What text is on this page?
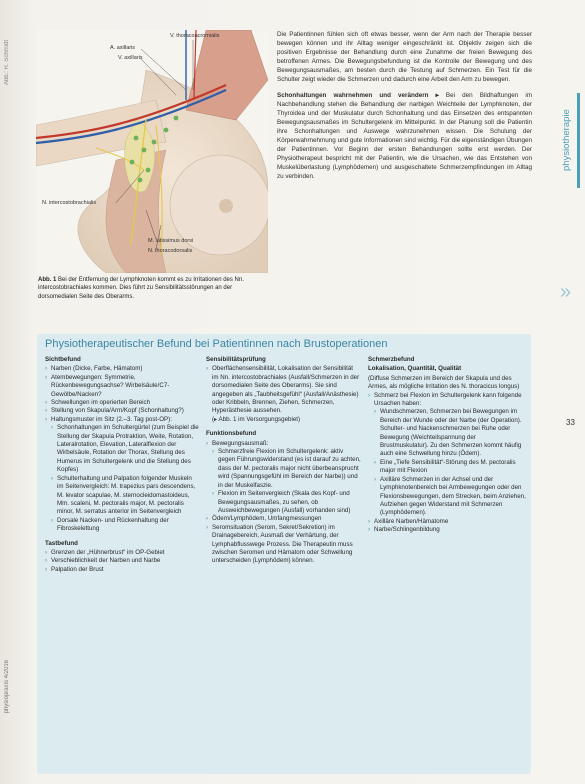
Abb.: R. Schmidt
V. thoracoacromialis
A. axillaris
V. axillaris
N. intercostobrachialis
M. latissimus dorsi
N. thoracodorsalis
Abb. 1 Bei der Entfernung der Lymphknoten kommt es zu Irritationen des Nn. intercostobrachiales kommen. Dies führt zu Sensibilitätsstörungen an der dorsomedialen Seite des Oberarms.

Die Patientinnen fühlen sich oft etwas besser, wenn der Arm nach der Therapie besser bewegen können und ihr Alltag weniger eingeschränkt ist. Objektiv zeigen sich die positiven Ergebnisse der Behandlung durch eine Zunahme der freien Bewegung des betroffenen Armes. Die Bewegungsbefundung ist die Kontrolle der Bewegung und des Bewegungsausmaßes, am besten durch die Testung auf Schmerzen. Ein Test für die Schulter zeigt wieder die Schmerzen und dadurch eine Arbeit den Arm zu bewegen.

Schonhaltungen wahrnehmen und verändern ▸ Bei den Bildhaftungen im Nachbehandlung stehen die Behandlung der narbigen Weichteile der Lymphknoten, der Thyroidea und der Muskulatur durch Schonhaltung und das Einsetzen des entspannten Bewegungsausmaßes im Schultergelenk im Mittelpunkt. In der Planung soll die Patientin ihre Schonhaltungen und Auswege wahrzunehmen wissen. Die Schulung der Körperwahrnehmung und gute Informationen sind wichtig. Für die eigenständigen Übungen der Patientinnen. Vor Beginn der ersten Behandlungen sollte erst werden. Der Physiotherapeut bespricht mit der Patientin, wie die Ursachen, wie das Entstehen von Muskelüberlastung (Lymphödemen) und ausgeschaltete Schmerzempfindungen im Alltag zu verbinden.

physiotherapie
»
33
Physiotherapeutischer Befund bei Patientinnen nach Brustoperationen
Sichtbefund
› Narben (Dicke, Farbe, Hämatom)
› Atembewegungen: Symmetrie, Rückenbewegungsachse? Wirbelsäule/C7-Gewölbe/Nacken?
› Schwellungen im operierten Bereich
› Stellung von Skapula/Arm/Kopf (Schonhaltung?)
› Haltungsmuster im Sitz (2.–3. Tag post-OP):
› Schonhaltungen im Schultergürtel (zum Beispiel die Stellung der Skapula Protraktion, Weite, Rotation, Lateralrotation, Elevation, Lateralflexion der Wirbelsäule, Rotation der Thorax, Stellung des Humerus im Schultergelenk und die Stellung des Kopfes)
› Schulterhaltung und Palpation folgender Muskeln im Seitenvergleich: M. trapezius pars descendens, M. levator scapulae, M. sternocleidomastoideus, Mm. scaleni, M. pectoralis major, M. pectoralis minor, M. serratus anterior im Seitenvergleich
› Dorsale Nacken- und Rückenhaltung der Fibroskelettung
Tastbefund
› Grenzen der „Hühnerbrust“ im OP-Gebiet
› Verschieblichkeit der Narben und Narbe
› Palpation der Brust
Sensibilitätsprüfung
› Oberflächensensibilität, Lokalisation der Sensibilität im Nn. intercostobrachiales (Ausfall/Schmerzen in der dorsomedialen Seite des Oberarms). Sie sind angegeben als „Taubheitsgefühl“ (Ausfall/Anästhesie) oder Kribbeln, Brennen, Ziehen, Schmerzen, Hyperästhesie aussehen.
(▸ Abb. 1 im Versorgungsgebiet)
Funktionsbefund
› Bewegungsausmaß:
› Schmerzfreie Flexion im Schultergelenk: aktiv gegen Führungswiderstand (es ist darauf zu achten, dass der M. pectoralis major nicht überbeansprucht wird (Spannungsgefühl im Bereich der Narbe)) und in der Muskelfaszie.
› Flexion im Seitenvergleich (Skala des Kopf- und Bewegungsausmaßes, zu sehen, ob Ausweichbewegungen (Ausfall) vorhanden sind)
› Ödem/Lymphödem, Umfangmessungen
› Seromsituation (Serom, Sekret/Sekretion) im Drainagebereich, Ausmaß der Verhärtung, der Lymphabflusswege Prozess. Die Therapeutin muss zwischen Seromen und Hämatom oder Schwellung unterscheiden (Lymphödem) können.
Schmerzbefund
Lokalisation, Quantität, Qualität
(Diffuse Schmerzen im Bereich der Skapula und des Armes, als mögliche Irritation des N. thoracicus longus)
› Schmerz bei Flexion im Schultergelenk kann folgende Ursachen haben:
› Wundschmerzen, Schmerzen bei Bewegungen im Bereich der Wunde oder der Narbe (der Operation). Schulter- und Nackenschmerzen bei Ruhe oder Bewegung (Weichteilspannung der Brustmuskulatur). Zu den Schmerzen kommt häufig auch eine Schwellung hinzu (Ödem).
› Eine „Tiefe Sensibilität“-Störung des M. pectoralis major mit Flexion
› Axilläre Schmerzen in der Achsel und der Lymphknotenbereich bei Armbewegungen oder den Flexionsbewegungen, dem Strecken, beim Anziehen, Aufziehen gegen Widerstand mit Schmerzen (Lymphödemen).
› Axilläre Narben/Hämatome
› Narbe/Schlingenbildung
physiopraxis 4/2016
